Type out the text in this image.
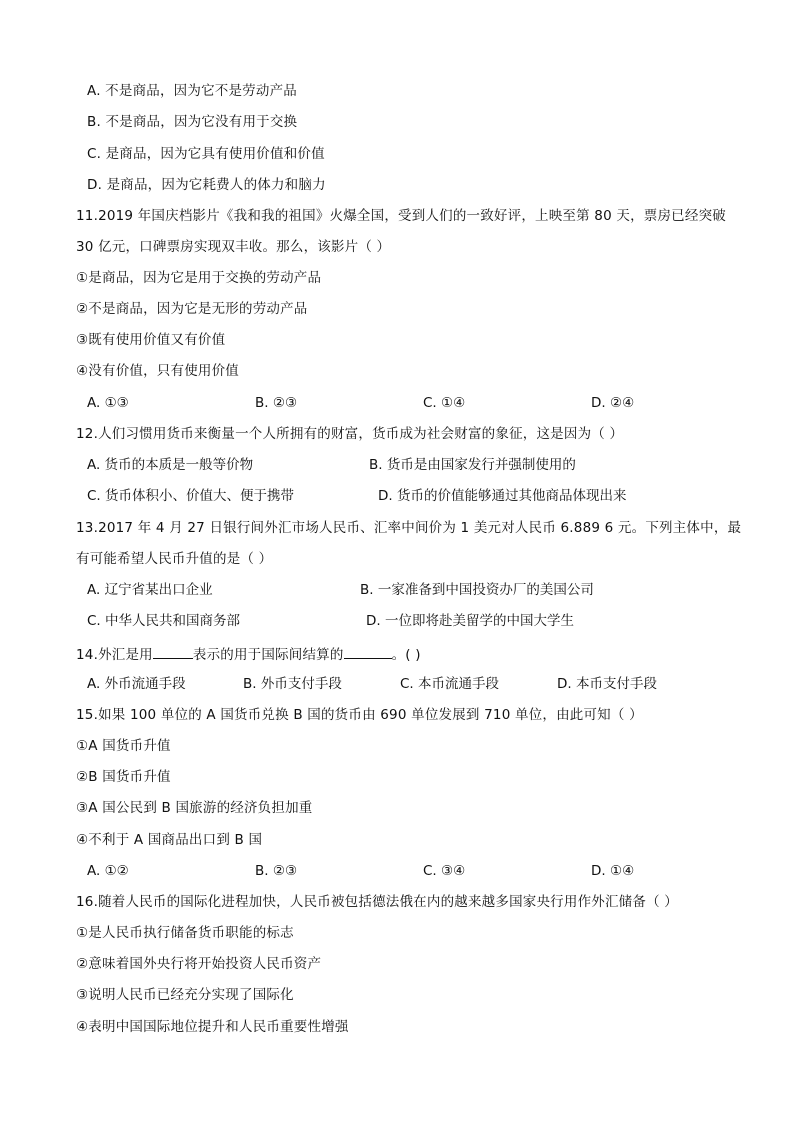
A. 不是商品，因为它不是劳动产品
B. 不是商品，因为它没有用于交换
C. 是商品，因为它具有使用价值和价值
D. 是商品，因为它耗费人的体力和脑力
11.2019 年国庆档影片《我和我的祖国》火爆全国，受到人们的一致好评，上映至第 80 天，票房已经突破
30 亿元，口碑票房实现双丰收。那么，该影片（ ）
①是商品，因为它是用于交换的劳动产品
②不是商品，因为它是无形的劳动产品
③既有使用价值又有价值
④没有价值，只有使用价值
A. ①③	B. ②③	C. ①④	D. ②④
12.人们习惯用货币来衡量一个人所拥有的财富，货币成为社会财富的象征，这是因为（ ）
A. 货币的本质是一般等价物	B. 货币是由国家发行并强制使用的
C. 货币体积小、价值大、便于携带	D. 货币的价值能够通过其他商品体现出来
13.2017 年 4 月 27 日银行间外汇市场人民币、汇率中间价为 1 美元对人民币 6.889 6 元。下列主体中，最
有可能希望人民币升值的是（ ）
A. 辽宁省某出口企业	B. 一家准备到中国投资办厂的美国公司
C. 中华人民共和国商务部	D. 一位即将赴美留学的中国大学生
14.外汇是用	表示的用于国际间结算的	。( )
A. 外币流通手段	B. 外币支付手段	C. 本币流通手段	D. 本币支付手段
15.如果 100 单位的 A 国货币兑换 B 国的货币由 690 单位发展到 710 单位，由此可知（ ）
①A 国货币升值
②B 国货币升值
③A 国公民到 B 国旅游的经济负担加重
④不利于 A 国商品出口到 B 国
A. ①②	B. ②③	C. ③④	D. ①④
16.随着人民币的国际化进程加快，人民币被包括德法俄在内的越来越多国家央行用作外汇储备（ ）
①是人民币执行储备货币职能的标志
②意味着国外央行将开始投资人民币资产
③说明人民币已经充分实现了国际化
④表明中国国际地位提升和人民币重要性增强
